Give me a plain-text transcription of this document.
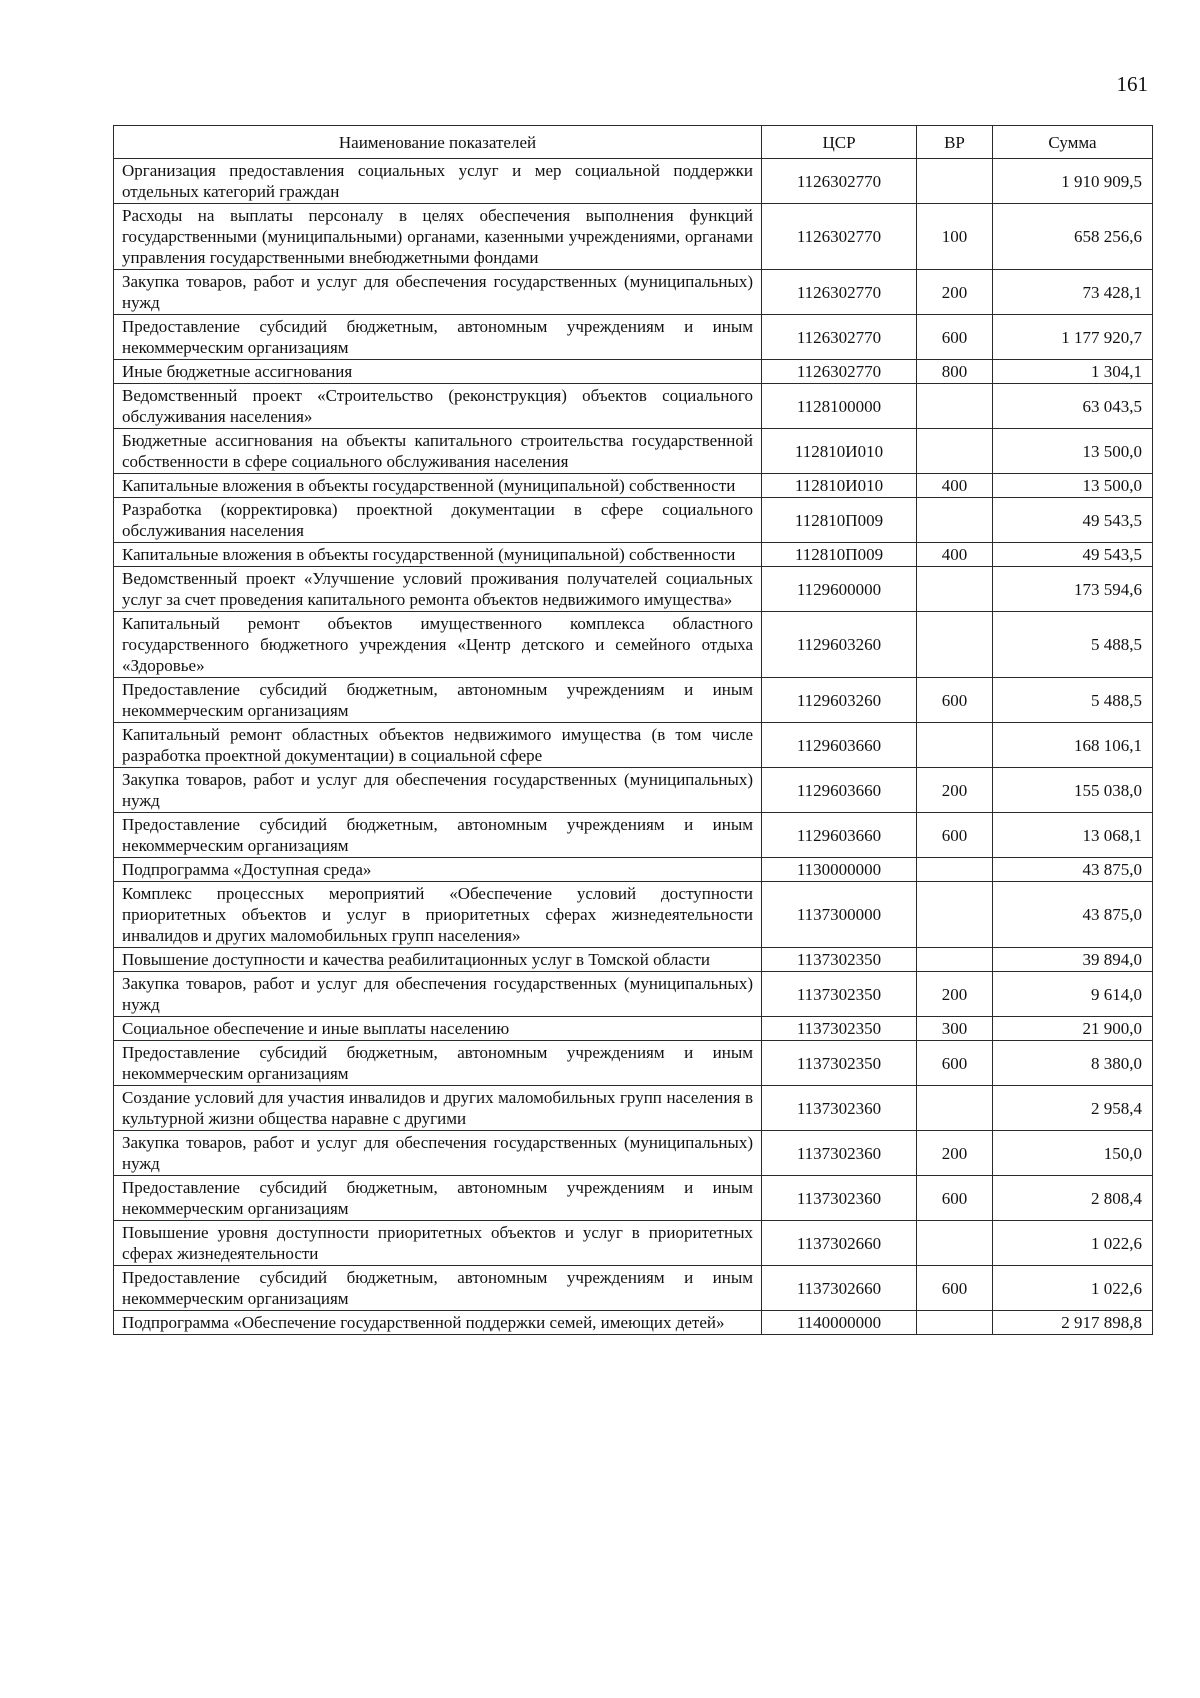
161
Наименование показателей	ЦСР	ВР	Сумма
Организация предоставления социальных услуг и мер социальной поддержки отдельных категорий граждан	1126302770		1 910 909,5
Расходы на выплаты персоналу в целях обеспечения выполнения функций государственными (муниципальными) органами, казенными учреждениями, органами управления государственными внебюджетными фондами	1126302770	100	658 256,6
Закупка товаров, работ и услуг для обеспечения государственных (муниципальных) нужд	1126302770	200	73 428,1
Предоставление субсидий бюджетным, автономным учреждениям и иным некоммерческим организациям	1126302770	600	1 177 920,7
Иные бюджетные ассигнования	1126302770	800	1 304,1
Ведомственный проект «Строительство (реконструкция) объектов социального обслуживания населения»	1128100000		63 043,5
Бюджетные ассигнования на объекты капитального строительства государственной собственности в сфере социального обслуживания населения	112810И010		13 500,0
Капитальные вложения в объекты государственной (муниципальной) собственности	112810И010	400	13 500,0
Разработка (корректировка) проектной документации в сфере социального обслуживания населения	112810П009		49 543,5
Капитальные вложения в объекты государственной (муниципальной) собственности	112810П009	400	49 543,5
Ведомственный проект «Улучшение условий проживания получателей социальных услуг за счет проведения капитального ремонта объектов недвижимого имущества»	1129600000		173 594,6
Капитальный ремонт объектов имущественного комплекса областного государственного бюджетного учреждения «Центр детского и семейного отдыха «Здоровье»	1129603260		5 488,5
Предоставление субсидий бюджетным, автономным учреждениям и иным некоммерческим организациям	1129603260	600	5 488,5
Капитальный ремонт областных объектов недвижимого имущества (в том числе разработка проектной документации) в социальной сфере	1129603660		168 106,1
Закупка товаров, работ и услуг для обеспечения государственных (муниципальных) нужд	1129603660	200	155 038,0
Предоставление субсидий бюджетным, автономным учреждениям и иным некоммерческим организациям	1129603660	600	13 068,1
Подпрограмма «Доступная среда»	1130000000		43 875,0
Комплекс процессных мероприятий «Обеспечение условий доступности приоритетных объектов и услуг в приоритетных сферах жизнедеятельности инвалидов и других маломобильных групп населения»	1137300000		43 875,0
Повышение доступности и качества реабилитационных услуг в Томской области	1137302350		39 894,0
Закупка товаров, работ и услуг для обеспечения государственных (муниципальных) нужд	1137302350	200	9 614,0
Социальное обеспечение и иные выплаты населению	1137302350	300	21 900,0
Предоставление субсидий бюджетным, автономным учреждениям и иным некоммерческим организациям	1137302350	600	8 380,0
Создание условий для участия инвалидов и других маломобильных групп населения в культурной жизни общества наравне с другими	1137302360		2 958,4
Закупка товаров, работ и услуг для обеспечения государственных (муниципальных) нужд	1137302360	200	150,0
Предоставление субсидий бюджетным, автономным учреждениям и иным некоммерческим организациям	1137302360	600	2 808,4
Повышение уровня доступности приоритетных объектов и услуг в приоритетных сферах жизнедеятельности	1137302660		1 022,6
Предоставление субсидий бюджетным, автономным учреждениям и иным некоммерческим организациям	1137302660	600	1 022,6
Подпрограмма «Обеспечение государственной поддержки семей, имеющих детей»	1140000000		2 917 898,8
